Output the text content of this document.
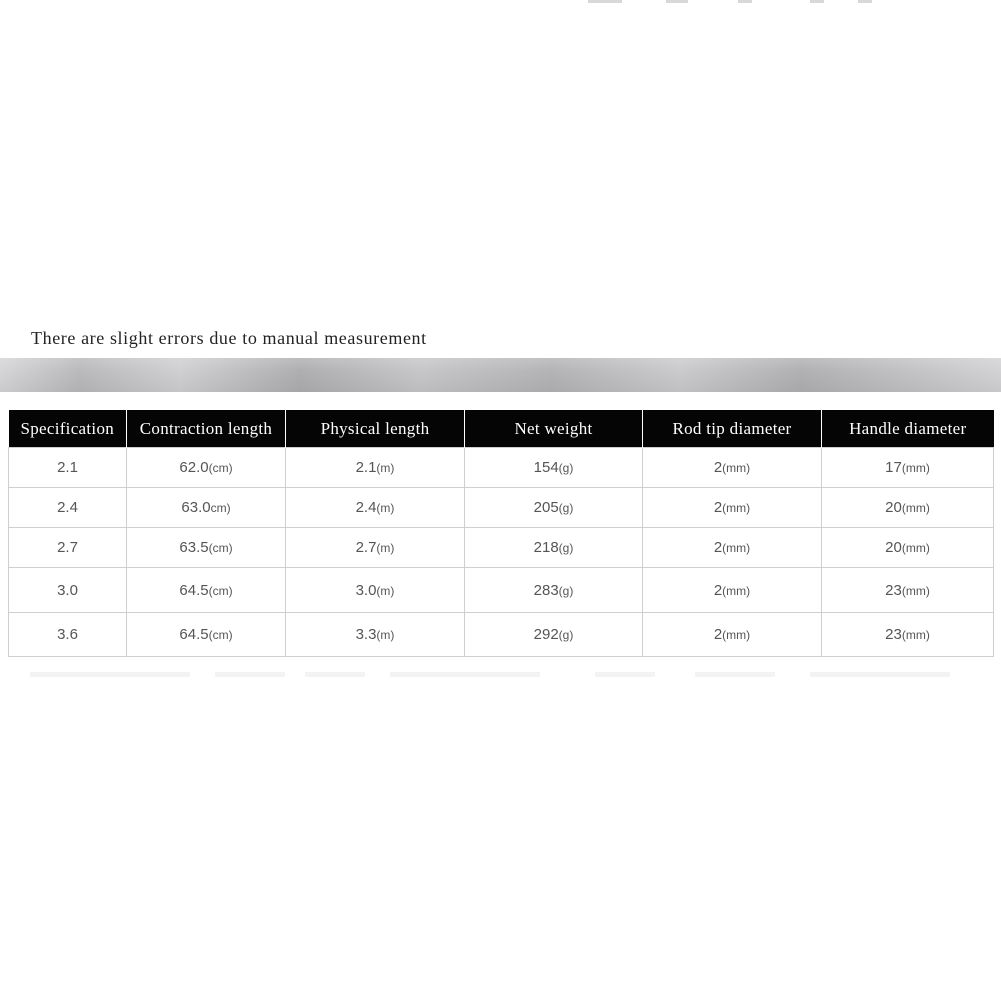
There are slight errors due to manual measurement
Specification	Contraction length	Physical length	Net weight	Rod tip diameter	Handle diameter
2.1	62.0(cm)	2.1(m)	154(g)	2(mm)	17(mm)
2.4	63.0cm)	2.4(m)	205(g)	2(mm)	20(mm)
2.7	63.5(cm)	2.7(m)	218(g)	2(mm)	20(mm)
3.0	64.5(cm)	3.0(m)	283(g)	2(mm)	23(mm)
3.6	64.5(cm)	3.3(m)	292(g)	2(mm)	23(mm)
